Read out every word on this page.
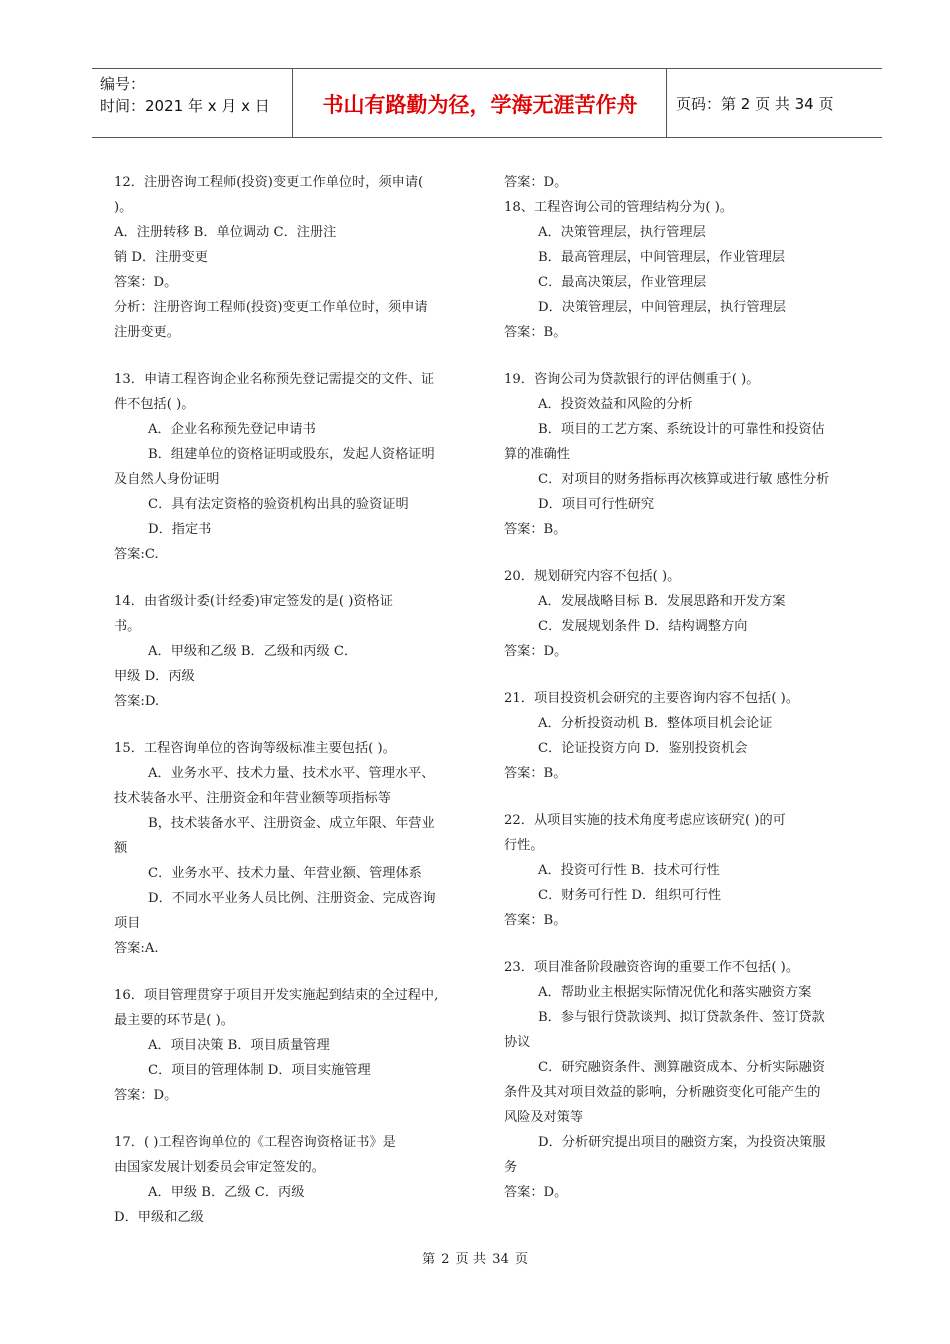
编号：
时间：2021 年 x 月 x 日	书山有路勤为径，学海无涯苦作舟	页码：第 2 页 共 34 页
12．注册咨询工程师(投资)变更工作单位时，须申请(
)。
A．注册转移 B．单位调动 C．注册注
销 D．注册变更
答案：D。
分析：注册咨询工程师(投资)变更工作单位时，须申请
注册变更。
13．申请工程咨询企业名称预先登记需提交的文件、证
件不包括( )。
A．企业名称预先登记申请书
B．组建单位的资格证明或股东，发起人资格证明
及自然人身份证明
C．具有法定资格的验资机构出具的验资证明
D．指定书
答案:C.
14．由省级计委(计经委)审定签发的是( )资格证
书。
A．甲级和乙级 B．乙级和丙级 C．
甲级 D．丙级
答案:D.
15．工程咨询单位的咨询等级标准主要包括( )。
A．业务水平、技术力量、技术水平、管理水平、
技术装备水平、注册资金和年营业额等项指标等
B，技术装备水平、注册资金、成立年限、年营业
额
C．业务水平、技术力量、年营业额、管理体系
D．不同水平业务人员比例、注册资金、完成咨询
项目
答案:A.
16．项目管理贯穿于项目开发实施起到结束的全过程中,
最主要的环节是( )。
A．项目决策 B．项目质量管理
C．项目的管理体制 D．项目实施管理
答案：D。
17．( )工程咨询单位的《工程咨询资格证书》是
由国家发展计划委员会审定签发的。
A．甲级 B．乙级 C．丙级
D．甲级和乙级
答案：D。
18、工程咨询公司的管理结构分为( )。
A．决策管理层，执行管理层
B．最高管理层，中间管理层，作业管理层
C．最高决策层，作业管理层
D．决策管理层，中间管理层，执行管理层
答案：B。
19．咨询公司为贷款银行的评估侧重于( )。
A．投资效益和风险的分析
B．项目的工艺方案、系统设计的可靠性和投资估
算的准确性
C．对项目的财务指标再次核算或进行敏 感性分析
D．项目可行性研究
答案：B。
20．规划研究内容不包括( )。
A．发展战略目标 B．发展思路和开发方案
C．发展规划条件 D．结构调整方向
答案：D。
21．项目投资机会研究的主要咨询内容不包括( )。
A．分析投资动机 B．整体项目机会论证
C．论证投资方向 D．鉴别投资机会
答案：B。
22．从项目实施的技术角度考虑应该研究( )的可
行性。
A．投资可行性 B．技术可行性
C．财务可行性 D．组织可行性
答案：B。
23．项目准备阶段融资咨询的重要工作不包括( )。
A．帮助业主根据实际情况优化和落实融资方案
B．参与银行贷款谈判、拟订贷款条件、签订贷款
协议
C．研究融资条件、测算融资成本、分析实际融资
条件及其对项目效益的影响，分析融资变化可能产生的
风险及对策等
D．分析研究提出项目的融资方案，为投资决策服
务
答案：D。
第 2 页 共 34 页
